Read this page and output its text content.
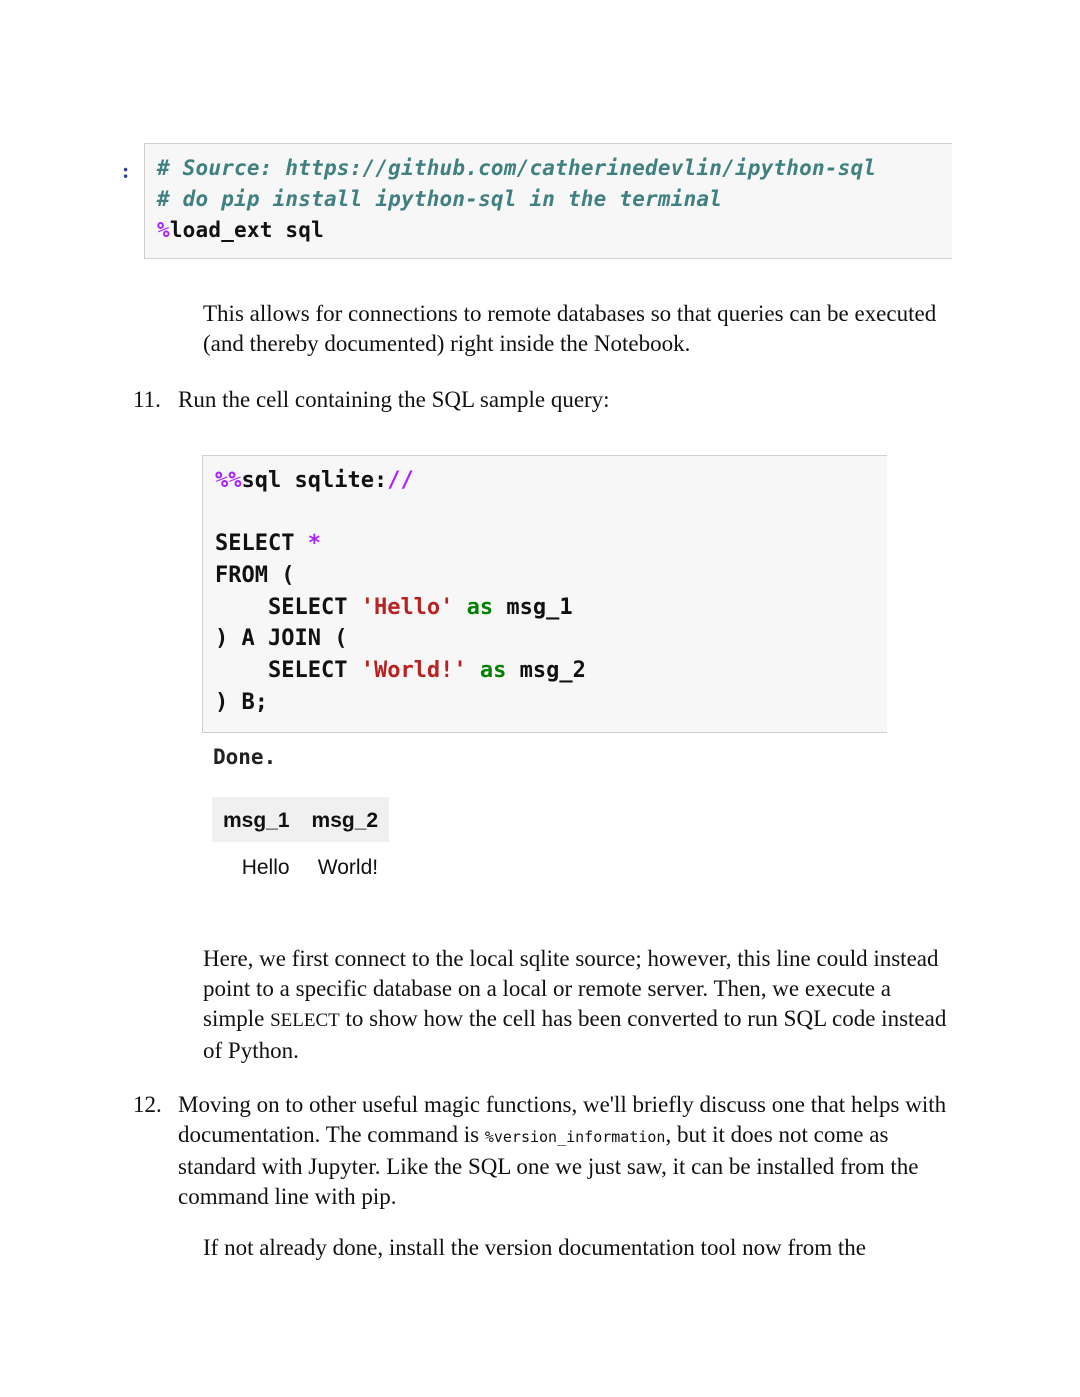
: # Source: https://github.com/catherinedevlin/ipython-sql
# do pip install ipython-sql in the terminal
%load_ext sql
This allows for connections to remote databases so that queries can be executed (and thereby documented) right inside the Notebook.
11. Run the cell containing the SQL sample query:
%%sql sqlite://
SELECT *
FROM (
SELECT 'Hello' as msg_1
) A JOIN (
SELECT 'World!' as msg_2
) B;
Done.
msg_1	msg_2
Hello	World!
Here, we first connect to the local sqlite source; however, this line could instead point to a specific database on a local or remote server. Then, we execute a simple SELECT to show how the cell has been converted to run SQL code instead of Python.
12. Moving on to other useful magic functions, we'll briefly discuss one that helps with documentation. The command is %version_information, but it does not come as standard with Jupyter. Like the SQL one we just saw, it can be installed from the command line with pip.
If not already done, install the version documentation tool now from the
